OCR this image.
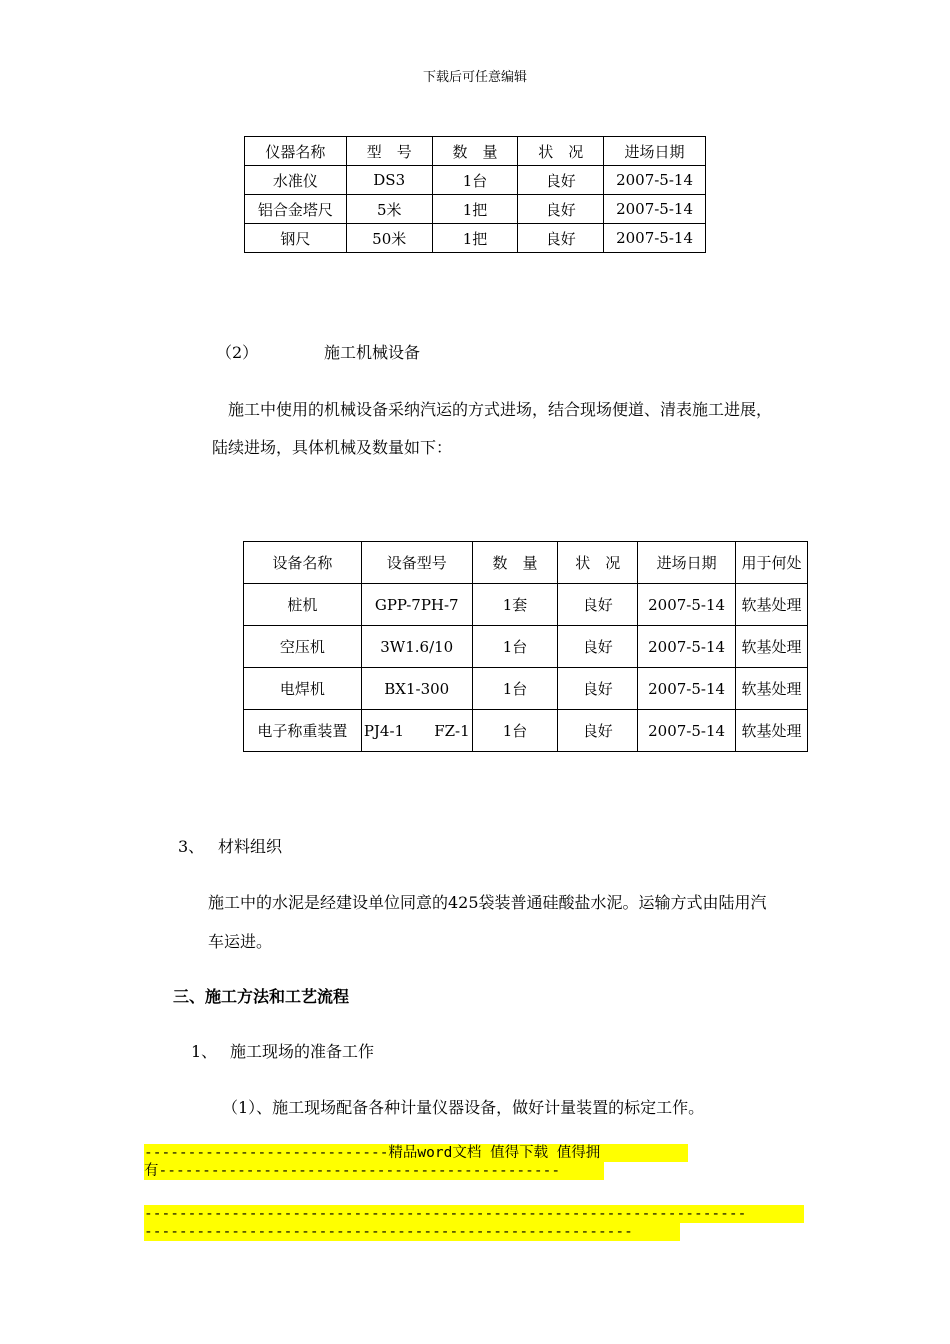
下载后可任意编辑
仪器名称	型　号	数　量	状　况	进场日期
水准仪	DS3	1台	良好	2007-5-14
铝合金塔尺	5米	1把	良好	2007-5-14
钢尺	50米	1把	良好	2007-5-14
（2）	施工机械设备
施工中使用的机械设备采纳汽运的方式进场，结合现场便道、清表施工进展，
陆续进场，具体机械及数量如下：
设备名称	设备型号	数　量	状　况	进场日期	用于何处
桩机	GPP-7PH-7	1套	良好	2007-5-14	软基处理
空压机	3W1.6/10	1台	良好	2007-5-14	软基处理
电焊机	BX1-300	1台	良好	2007-5-14	软基处理
电子称重装置	PJ4-1 FZ-1	1台	良好	2007-5-14	软基处理
3、 材料组织
施工中的水泥是经建设单位同意的425袋装普通硅酸盐水泥。运输方式由陆用汽
车运进。
三、施工方法和工艺流程
1、 施工现场的准备工作
（1）、施工现场配备各种计量仪器设备，做好计量装置的标定工作。
----------------------------精品word文档 值得下载 值得拥
有----------------------------------------------
---------------------------------------------------------------------
--------------------------------------------------------
